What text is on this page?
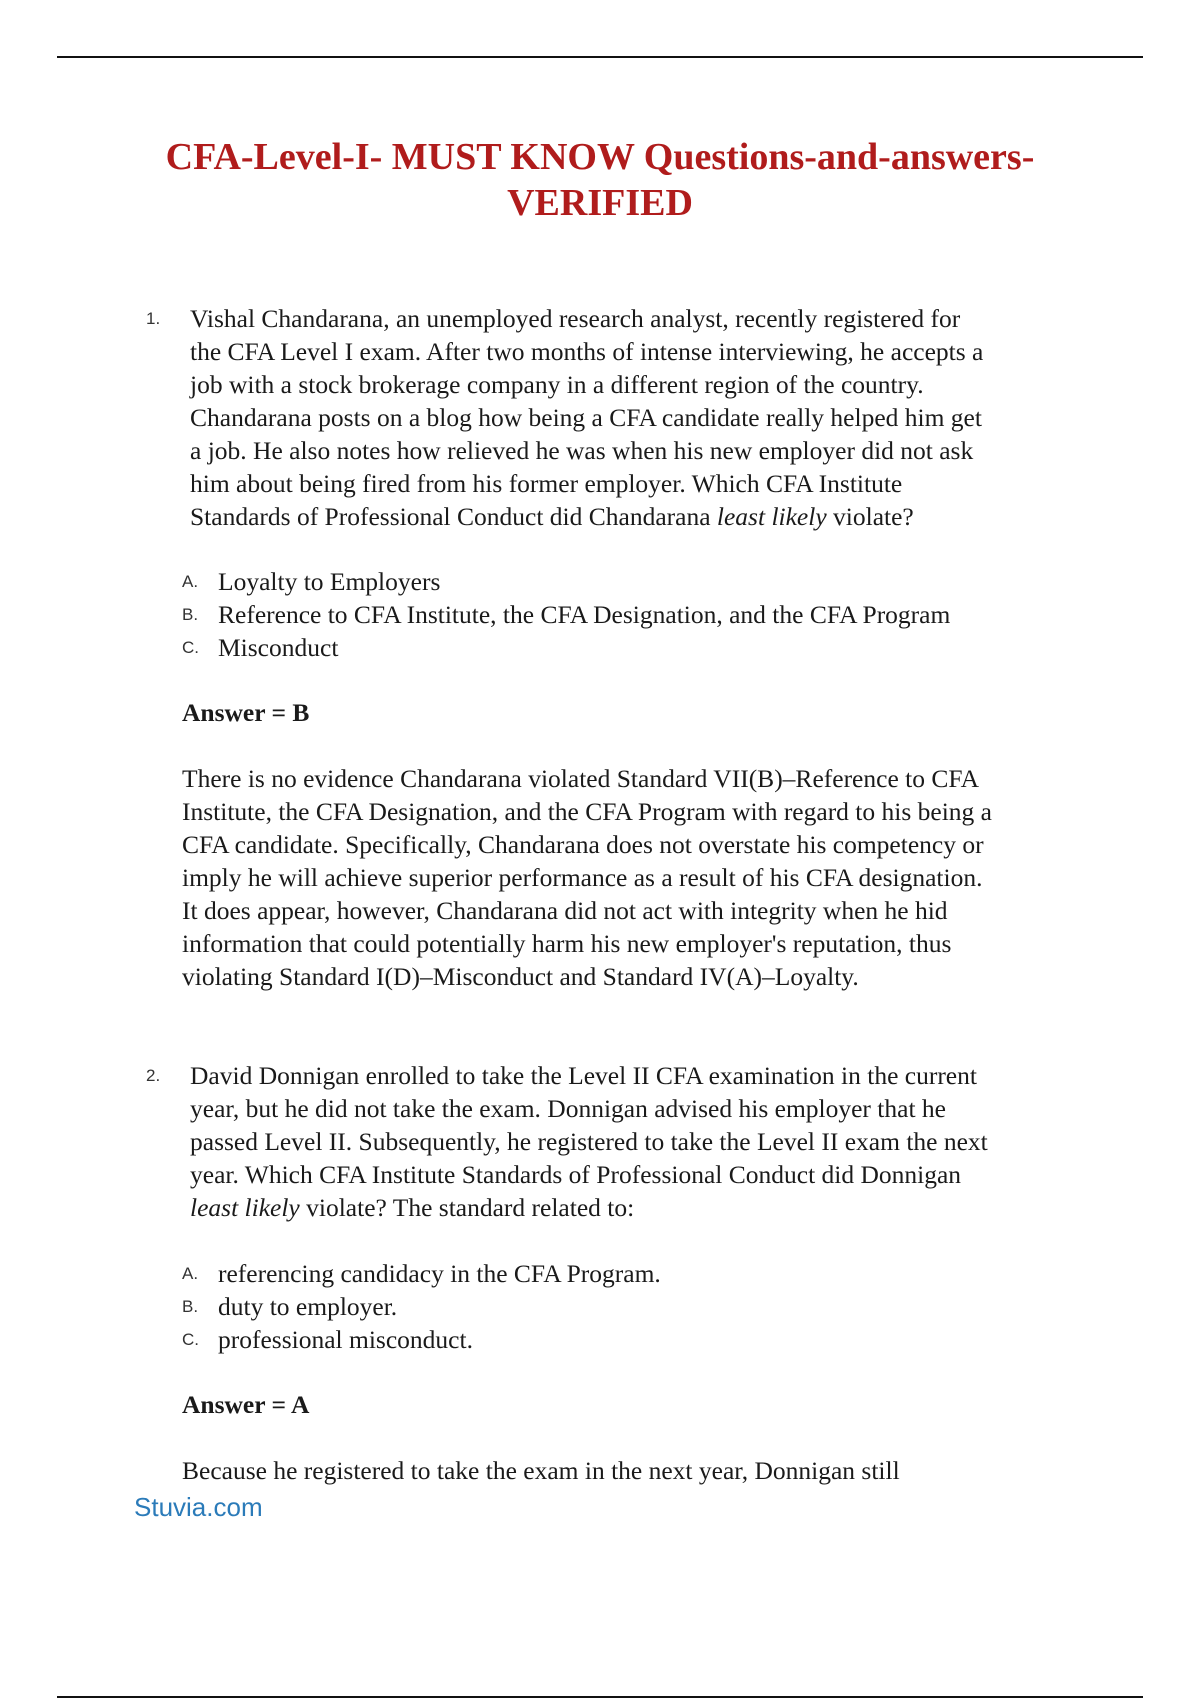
CFA-Level-I- MUST KNOW Questions-and-answers-
VERIFIED
1. Vishal Chandarana, an unemployed research analyst, recently registered for
the CFA Level I exam. After two months of intense interviewing, he accepts a
job with a stock brokerage company in a different region of the country.
Chandarana posts on a blog how being a CFA candidate really helped him get
a job. He also notes how relieved he was when his new employer did not ask
him about being fired from his former employer. Which CFA Institute
Standards of Professional Conduct did Chandarana least likely violate?
A. Loyalty to Employers
B. Reference to CFA Institute, the CFA Designation, and the CFA Program
C. Misconduct
Answer = B
There is no evidence Chandarana violated Standard VII(B)–Reference to CFA
Institute, the CFA Designation, and the CFA Program with regard to his being a
CFA candidate. Specifically, Chandarana does not overstate his competency or
imply he will achieve superior performance as a result of his CFA designation.
It does appear, however, Chandarana did not act with integrity when he hid
information that could potentially harm his new employer's reputation, thus
violating Standard I(D)–Misconduct and Standard IV(A)–Loyalty.
2. David Donnigan enrolled to take the Level II CFA examination in the current
year, but he did not take the exam. Donnigan advised his employer that he
passed Level II. Subsequently, he registered to take the Level II exam the next
year. Which CFA Institute Standards of Professional Conduct did Donnigan
least likely violate? The standard related to:
A. referencing candidacy in the CFA Program.
B. duty to employer.
C. professional misconduct.
Answer = A
Because he registered to take the exam in the next year, Donnigan still
Stuvia.com
